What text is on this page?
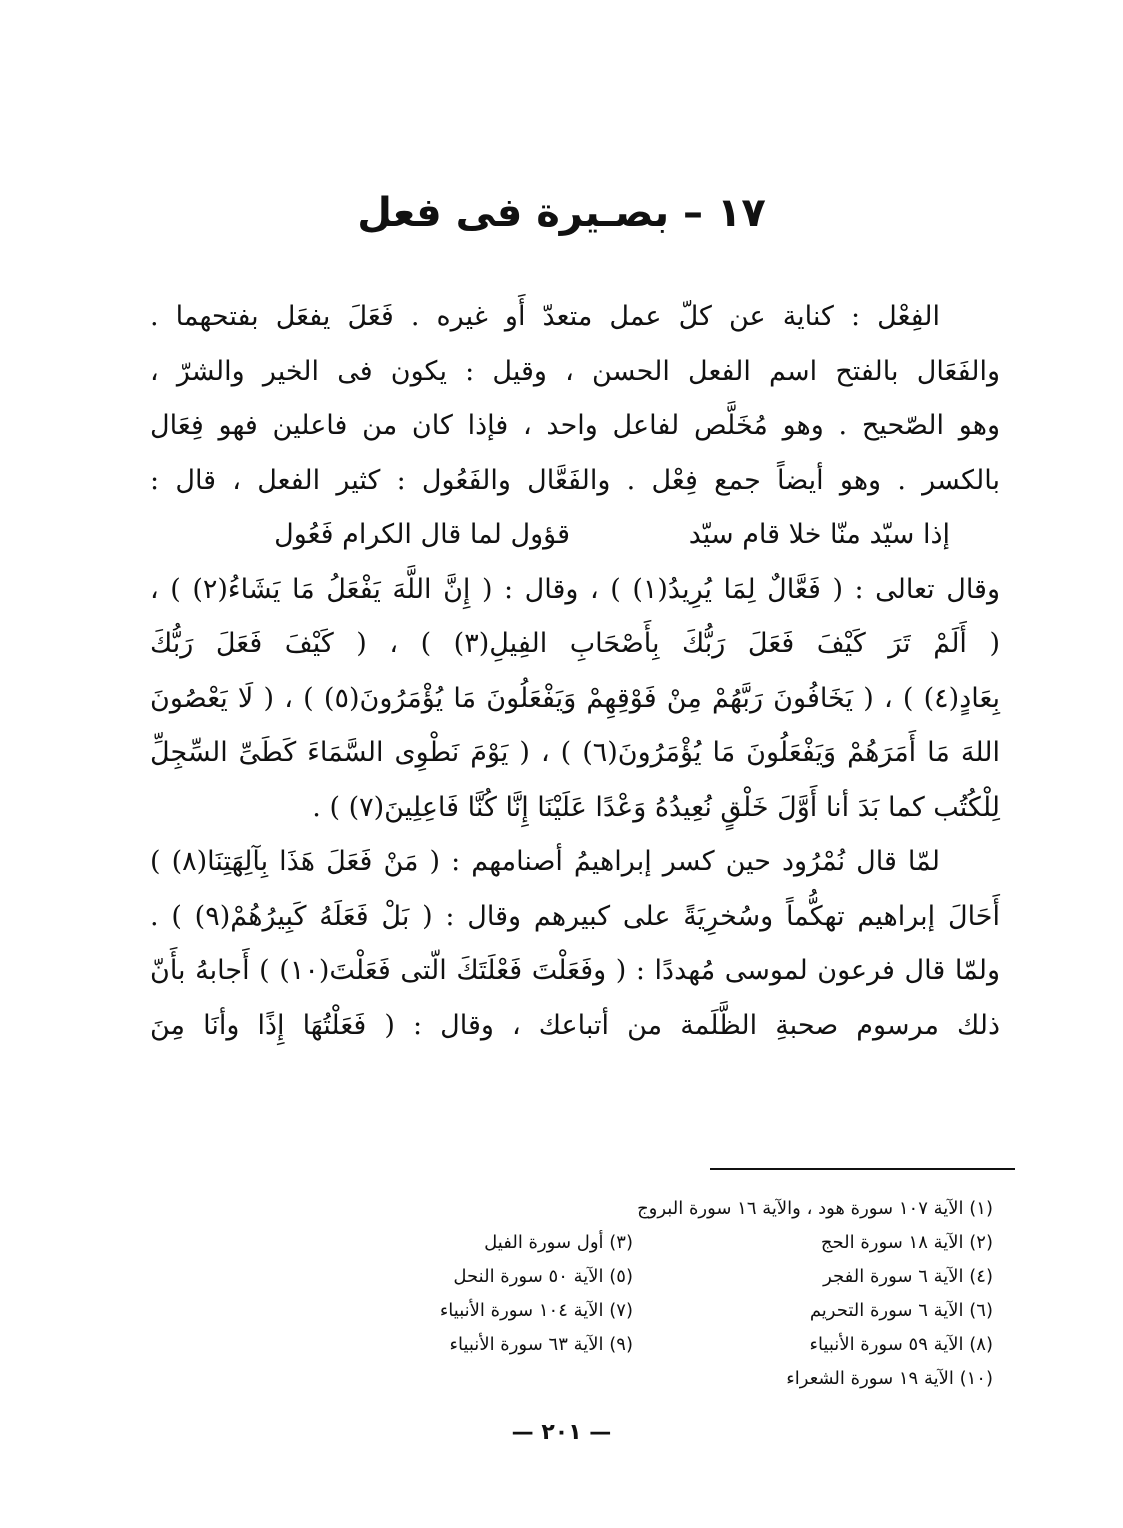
١٧ – بصـيرة فى فعل
الفِعْل : كناية عن كلّ عمل متعدّ أَو غيره . فَعَلَ يفعَل بفتحهما .
والفَعَال بالفتح اسم الفعل الحسن ، وقيل : يكون فى الخير والشرّ ،
وهو الصّحيح . وهو مُخَلَّص لفاعل واحد ، فإذا كان من فاعلين فهو فِعَال
بالكسر . وهو أيضاً جمع فِعْل . والفَعَّال والفَعُول : كثير الفعل ، قال :
إذا سيّد منّا خلا قام سيّدقؤول لما قال الكرام فَعُول
وقال تعالى : ( فَعَّالٌ لِمَا يُرِيدُ(١) ) ، وقال : ( إِنَّ اللَّهَ يَفْعَلُ مَا يَشَاءُ(٢) ) ،
( أَلَمْ تَرَ كَيْفَ فَعَلَ رَبُّكَ بِأَصْحَابِ الفِيلِ(٣) ) ، ( كَيْفَ فَعَلَ رَبُّكَ
بِعَادٍ(٤) ) ، ( يَخَافُونَ رَبَّهُمْ مِنْ فَوْقِهِمْ وَيَفْعَلُونَ مَا يُؤْمَرُونَ(٥) ) ، ( لَا يَعْصُونَ
اللهَ مَا أَمَرَهُمْ وَيَفْعَلُونَ مَا يُؤْمَرُونَ(٦) ) ، ( يَوْمَ نَطْوِى السَّمَاءَ كَطَىِّ السِّجِلِّ
لِلْكُتُب كما بَدَ أنا أَوَّلَ خَلْقٍ نُعِيدُهُ وَعْدًا عَلَيْنَا إِنَّا كُنَّا فَاعِلِينَ(٧) ) .
لمّا قال نُمْرُود حين كسر إبراهيمُ أصنامهم : ( مَنْ فَعَلَ هَذَا بِآلِهَتِنَا(٨) )
أَحَالَ إبراهيم تهكُّماً وسُخرِيَةً على كبيرهم وقال : ( بَلْ فَعَلَهُ كَبِيرُهُمْ(٩) ) .
ولمّا قال فرعون لموسى مُهددًا : ( وفَعَلْتَ فَعْلَتَكَ الّتى فَعَلْتَ(١٠) ) أَجابهُ بأَنّ
ذلك مرسوم صحبةِ الظَّلَمة من أتباعك ، وقال : ( فَعَلْتُهَا إِذًا وأنَا مِنَ
(١) الآية ١٠٧ سورة هود ، والآية ١٦ سورة البروج
(٢) الآية ١٨ سورة الحج
(٣) أول سورة الفيل
(٤) الآية ٦ سورة الفجر
(٥) الآية ٥٠ سورة النحل
(٦) الآية ٦ سورة التحريم
(٧) الآية ١٠٤ سورة الأنبياء
(٨) الآية ٥٩ سورة الأنبياء
(٩) الآية ٦٣ سورة الأنبياء
(١٠) الآية ١٩ سورة الشعراء
— ٢٠١ —
